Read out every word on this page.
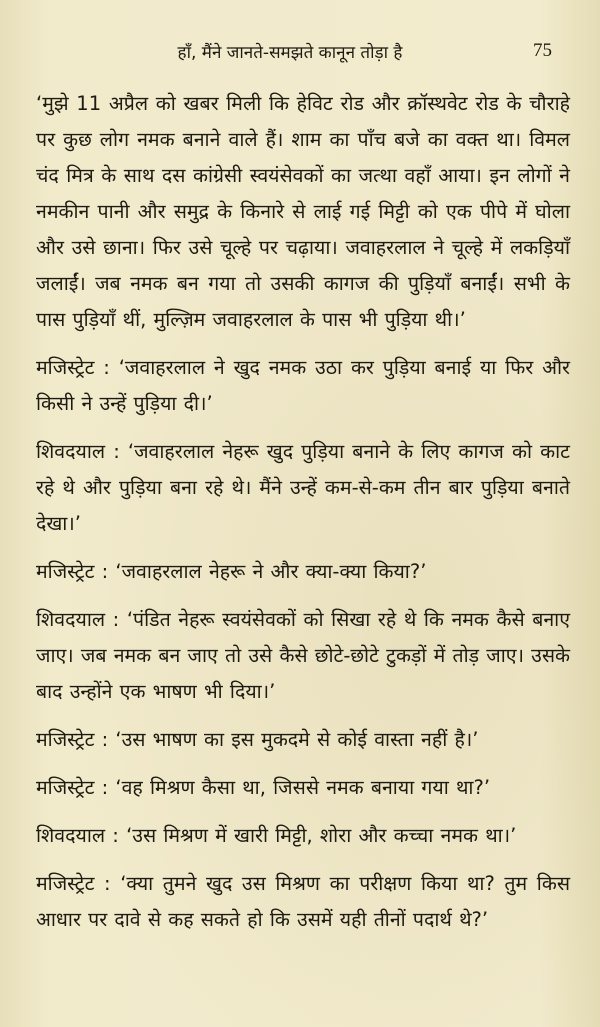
हाँ, मैंने जानते-समझते कानून तोड़ा है	75

‘मुझे 11 अप्रैल को खबर मिली कि हेविट रोड और क्रॉस्थवेट रोड के चौराहे पर कुछ लोग नमक बनाने वाले हैं। शाम का पाँच बजे का वक्त था। विमल चंद मित्र के साथ दस कांग्रेसी स्वयंसेवकों का जत्था वहाँ आया। इन लोगों ने नमकीन पानी और समुद्र के किनारे से लाई गई मिट्टी को एक पीपे में घोला और उसे छाना। फिर उसे चूल्हे पर चढ़ाया। जवाहरलाल ने चूल्हे में लकड़ियाँ जलाईं। जब नमक बन गया तो उसकी कागज की पुड़ियाँ बनाईं। सभी के पास पुड़ियाँ थीं, मुल्ज़िम जवाहरलाल के पास भी पुड़िया थी।’

मजिस्ट्रेट : ‘जवाहरलाल ने खुद नमक उठा कर पुड़िया बनाई या फिर और किसी ने उन्हें पुड़िया दी।’

शिवदयाल : ‘जवाहरलाल नेहरू खुद पुड़िया बनाने के लिए कागज को काट रहे थे और पुड़िया बना रहे थे। मैंने उन्हें कम-से-कम तीन बार पुड़िया बनाते देखा।’

मजिस्ट्रेट : ‘जवाहरलाल नेहरू ने और क्या-क्या किया?’

शिवदयाल : ‘पंडित नेहरू स्वयंसेवकों को सिखा रहे थे कि नमक कैसे बनाए जाए। जब नमक बन जाए तो उसे कैसे छोटे-छोटे टुकड़ों में तोड़ जाए। उसके बाद उन्होंने एक भाषण भी दिया।’

मजिस्ट्रेट : ‘उस भाषण का इस मुकदमे से कोई वास्ता नहीं है।’

मजिस्ट्रेट : ‘वह मिश्रण कैसा था, जिससे नमक बनाया गया था?’

शिवदयाल : ‘उस मिश्रण में खारी मिट्टी, शोरा और कच्चा नमक था।’

मजिस्ट्रेट : ‘क्या तुमने खुद उस मिश्रण का परीक्षण किया था? तुम किस आधार पर दावे से कह सकते हो कि उसमें यही तीनों पदार्थ थे?’
